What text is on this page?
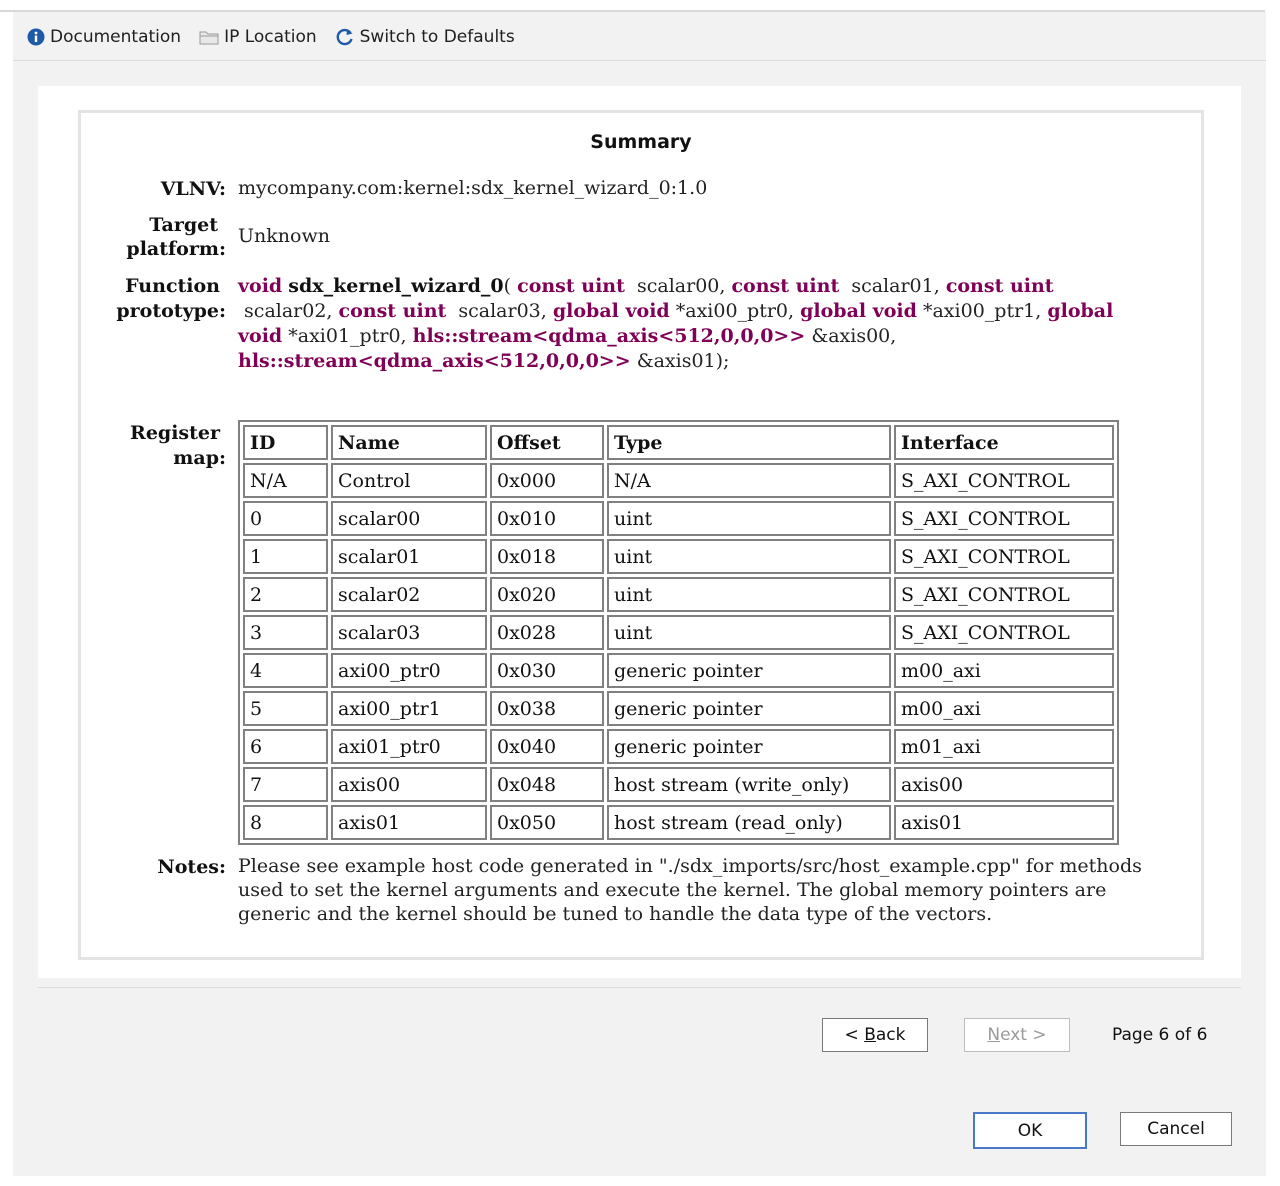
Documentation	IP Location	Switch to Defaults
Summary
VLNV: mycompany.com:kernel:sdx_kernel_wizard_0:1.0
Target
platform:
Unknown
Function
prototype:
void sdx_kernel_wizard_0( const uint scalar00, const uint scalar01, const uint
scalar02, const uint scalar03, global void *axi00_ptr0, global void *axi00_ptr1, global
void *axi01_ptr0, hls::stream<qdma_axis<512,0,0,0>> &axis00,
hls::stream<qdma_axis<512,0,0,0>> &axis01);
Register
map:
ID	Name	Offset	Type	Interface
N/A	Control	0x000	N/A	S_AXI_CONTROL
0	scalar00	0x010	uint	S_AXI_CONTROL
1	scalar01	0x018	uint	S_AXI_CONTROL
2	scalar02	0x020	uint	S_AXI_CONTROL
3	scalar03	0x028	uint	S_AXI_CONTROL
4	axi00_ptr0	0x030	generic pointer	m00_axi
5	axi00_ptr1	0x038	generic pointer	m00_axi
6	axi01_ptr0	0x040	generic pointer	m01_axi
7	axis00	0x048	host stream (write_only)	axis00
8	axis01	0x050	host stream (read_only)	axis01
Notes: Please see example host code generated in "./sdx_imports/src/host_example.cpp" for methods
used to set the kernel arguments and execute the kernel. The global memory pointers are
generic and the kernel should be tuned to handle the data type of the vectors.
< B ack	N ext >	Page 6 of 6
OK	Cancel
